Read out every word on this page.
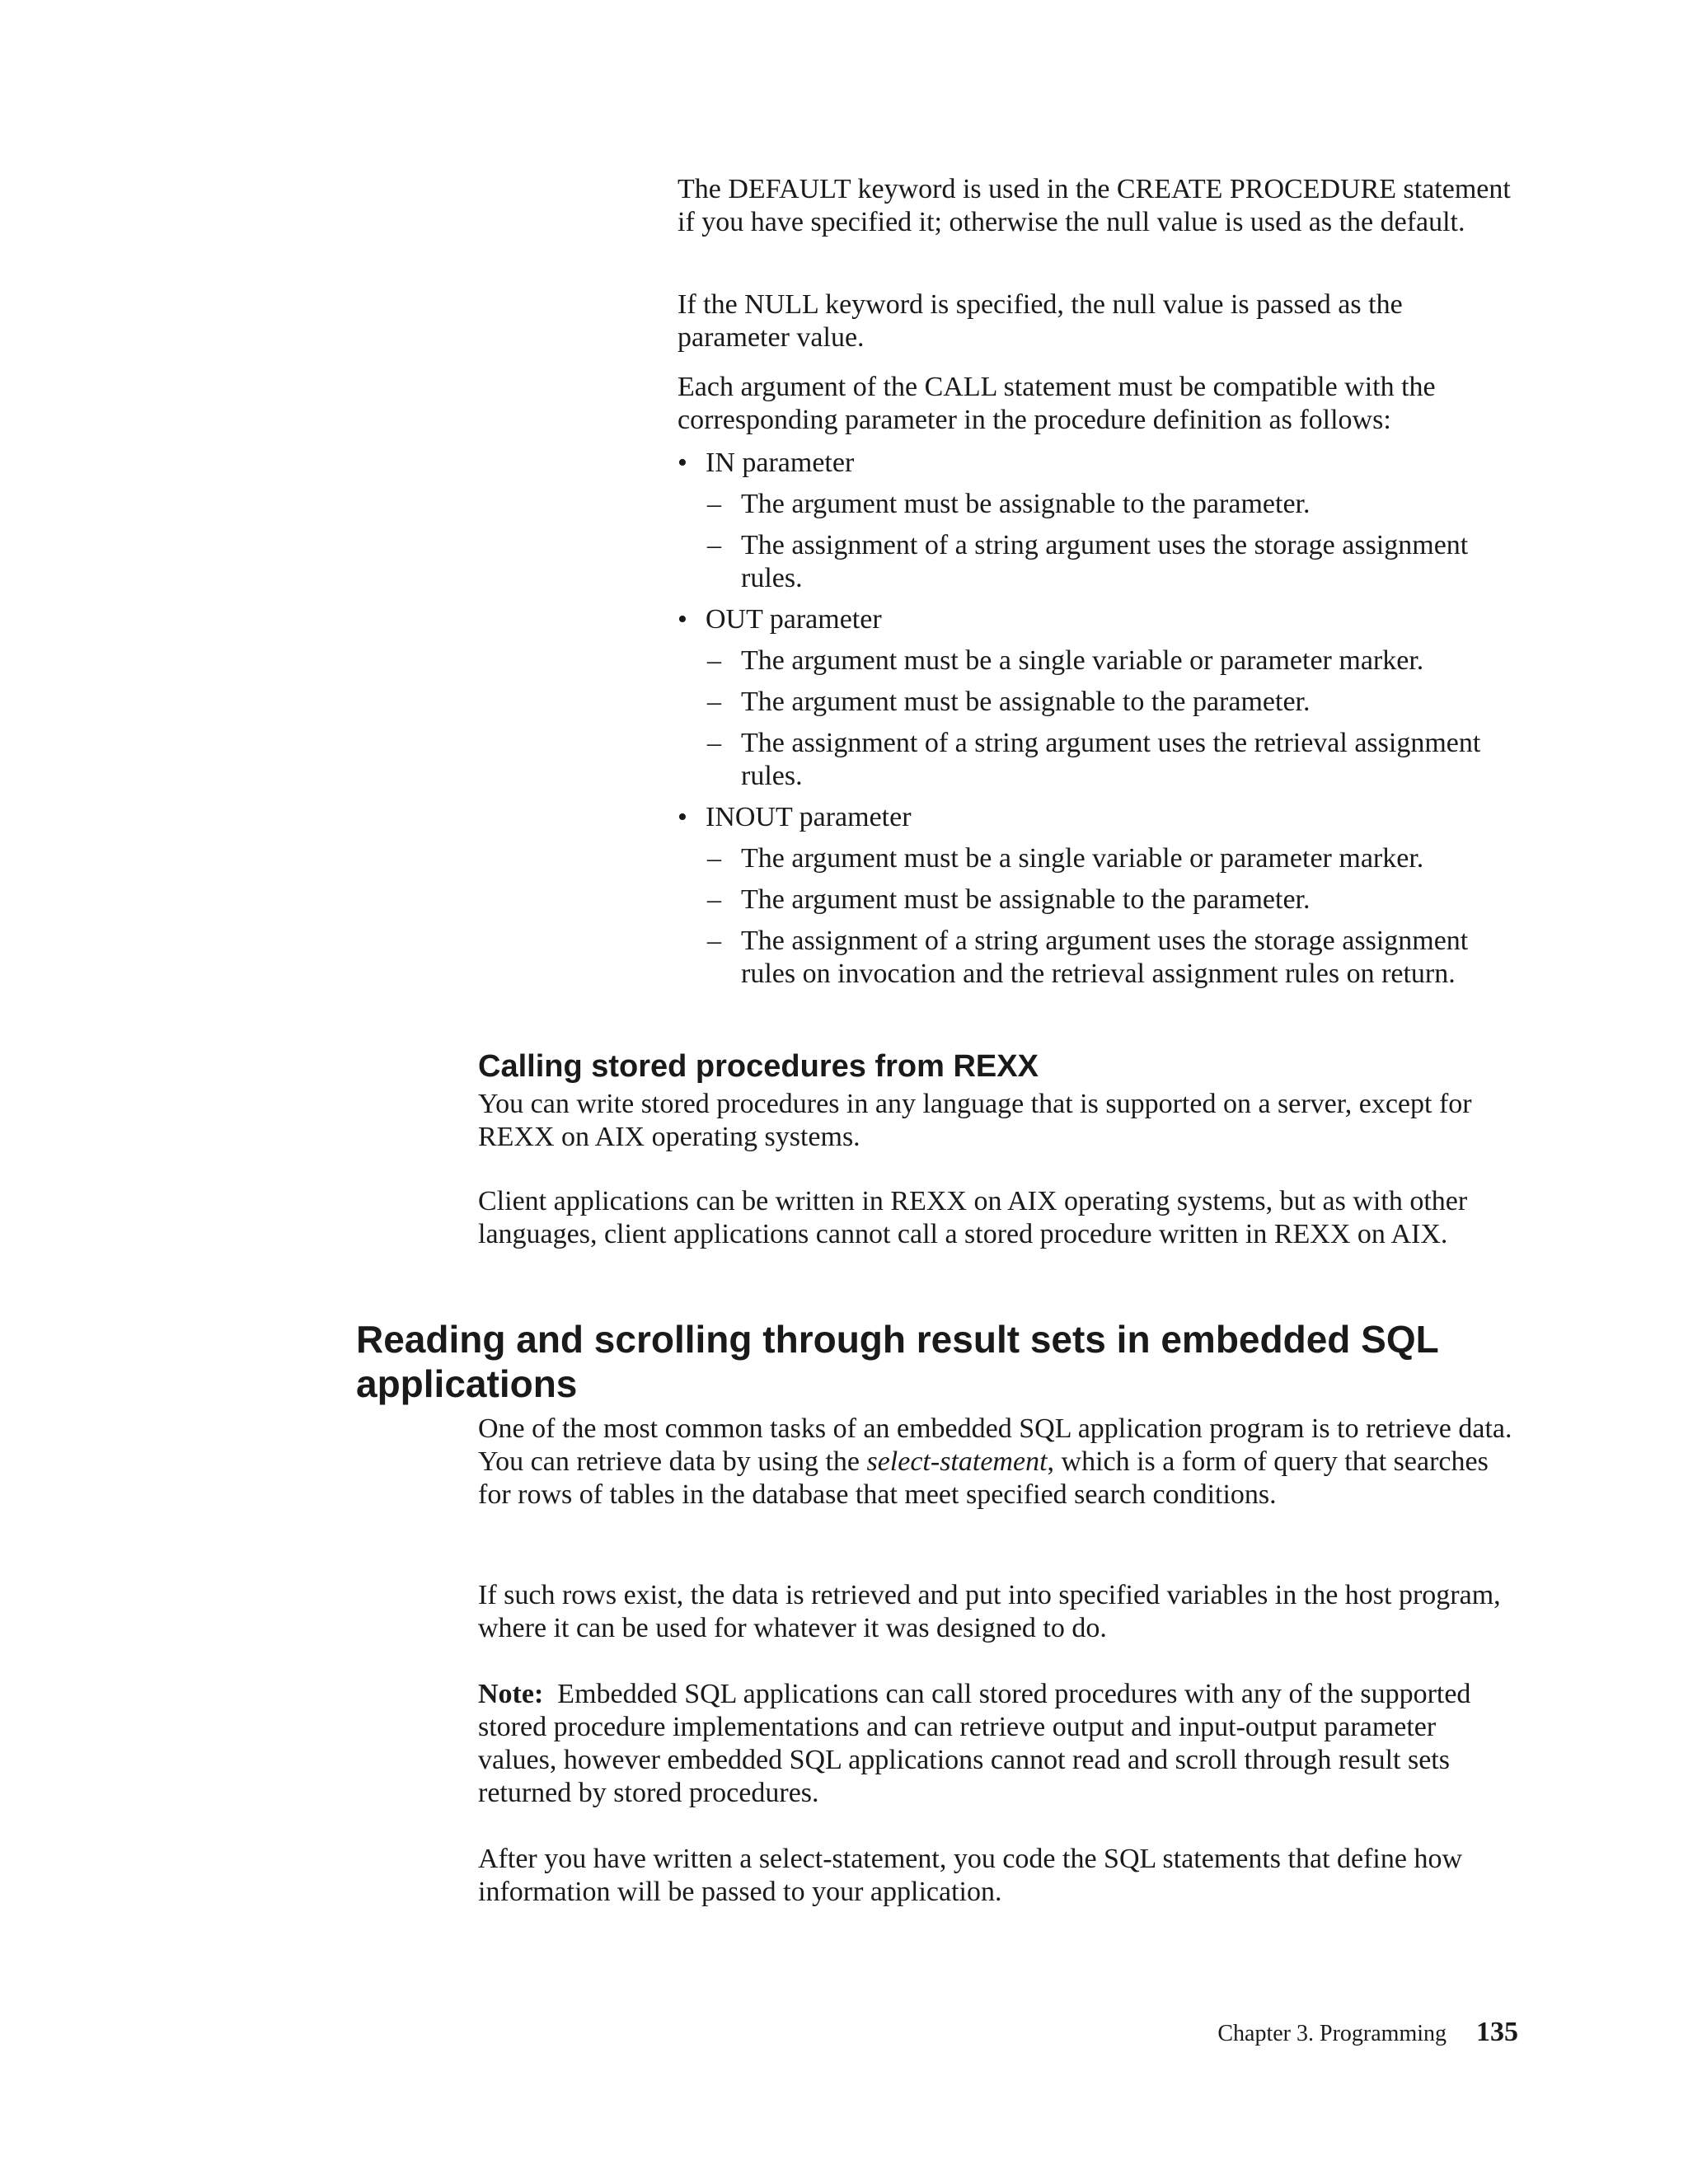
The DEFAULT keyword is used in the CREATE PROCEDURE statement if you have specified it; otherwise the null value is used as the default.

If the NULL keyword is specified, the null value is passed as the parameter value.

Each argument of the CALL statement must be compatible with the corresponding parameter in the procedure definition as follows:

• IN parameter
– The argument must be assignable to the parameter.
– The assignment of a string argument uses the storage assignment rules.
• OUT parameter
– The argument must be a single variable or parameter marker.
– The argument must be assignable to the parameter.
– The assignment of a string argument uses the retrieval assignment rules.
• INOUT parameter
– The argument must be a single variable or parameter marker.
– The argument must be assignable to the parameter.
– The assignment of a string argument uses the storage assignment rules on invocation and the retrieval assignment rules on return.
Calling stored procedures from REXX

You can write stored procedures in any language that is supported on a server, except for REXX on AIX operating systems.

Client applications can be written in REXX on AIX operating systems, but as with other languages, client applications cannot call a stored procedure written in REXX on AIX.

Reading and scrolling through result sets in embedded SQL applications

One of the most common tasks of an embedded SQL application program is to retrieve data. You can retrieve data by using the select-statement, which is a form of query that searches for rows of tables in the database that meet specified search conditions.

If such rows exist, the data is retrieved and put into specified variables in the host program, where it can be used for whatever it was designed to do.

Note: Embedded SQL applications can call stored procedures with any of the supported stored procedure implementations and can retrieve output and input-output parameter values, however embedded SQL applications cannot read and scroll through result sets returned by stored procedures.

After you have written a select-statement, you code the SQL statements that define how information will be passed to your application.

Chapter 3. Programming 135
